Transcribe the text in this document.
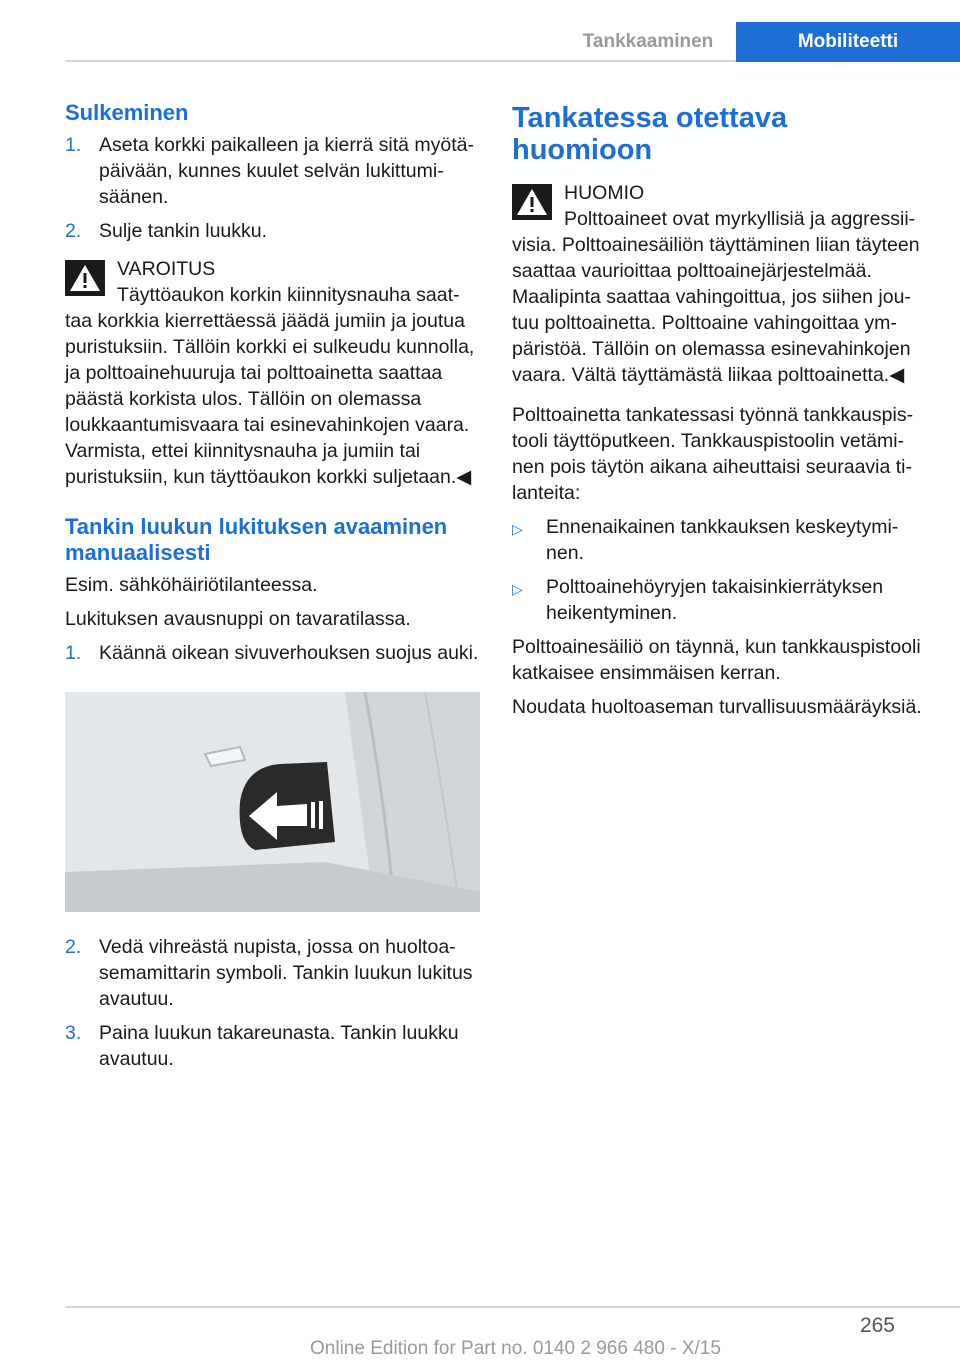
Tankkaaminen	Mobiliteetti
Sulkeminen
1. Aseta korkki paikalleen ja kierrä sitä myötäpäivään, kunnes kuulet selvän lukittumisäänen.
2. Sulje tankin luukku.
VAROITUS
Täyttöaukon korkin kiinnitysnauha saattaa korkkia kierrettäessä jäädä jumiin ja joutua puristuksiin. Tällöin korkki ei sulkeudu kunnolla, ja polttoainehuuruja tai polttoainetta saattaa päästä korkista ulos. Tällöin on olemassa loukkaantumisvaara tai esinevahinkojen vaara. Varmista, ettei kiinnitysnauha ja jumiin tai puristuksiin, kun täyttöaukon korkki suljetaan.◀
Tankin luukun lukituksen avaaminen manuaalisesti
Esim. sähköhäiriötilanteessa.
Lukituksen avausnuppi on tavaratilassa.
1. Käännä oikean sivuverhouksen suojus auki.
2. Vedä vihreästä nupista, jossa on huoltoasemamittarin symboli. Tankin luukun lukitus avautuu.
3. Paina luukun takareunasta. Tankin luukku avautuu.
Tankatessa otettava huomioon
HUOMIO
Polttoaineet ovat myrkyllisiä ja aggressiivisia. Polttoainesäiliön täyttäminen liian täyteen saattaa vaurioittaa polttoainejärjestelmää. Maalipinta saattaa vahingoittua, jos siihen joutuu polttoainetta. Polttoaine vahingoittaa ympäristöä. Tällöin on olemassa esinevahinkojen vaara. Vältä täyttämästä liikaa polttoainetta.◀
Polttoainetta tankatessasi työnnä tankkauspistooli täyttöputkeen. Tankkauspistoolin vetäminen pois täytön aikana aiheuttaisi seuraavia tilanteita:
▷	Ennenaikainen tankkauksen keskeytyminen.
▷	Polttoainehöyryjen takaisinkierrätyksen heikentyminen.
Polttoainesäiliö on täynnä, kun tankkauspistooli katkaisee ensimmäisen kerran.
Noudata huoltoaseman turvallisuusmääräyksiä.
265
Online Edition for Part no. 0140 2 966 480 - X/15
